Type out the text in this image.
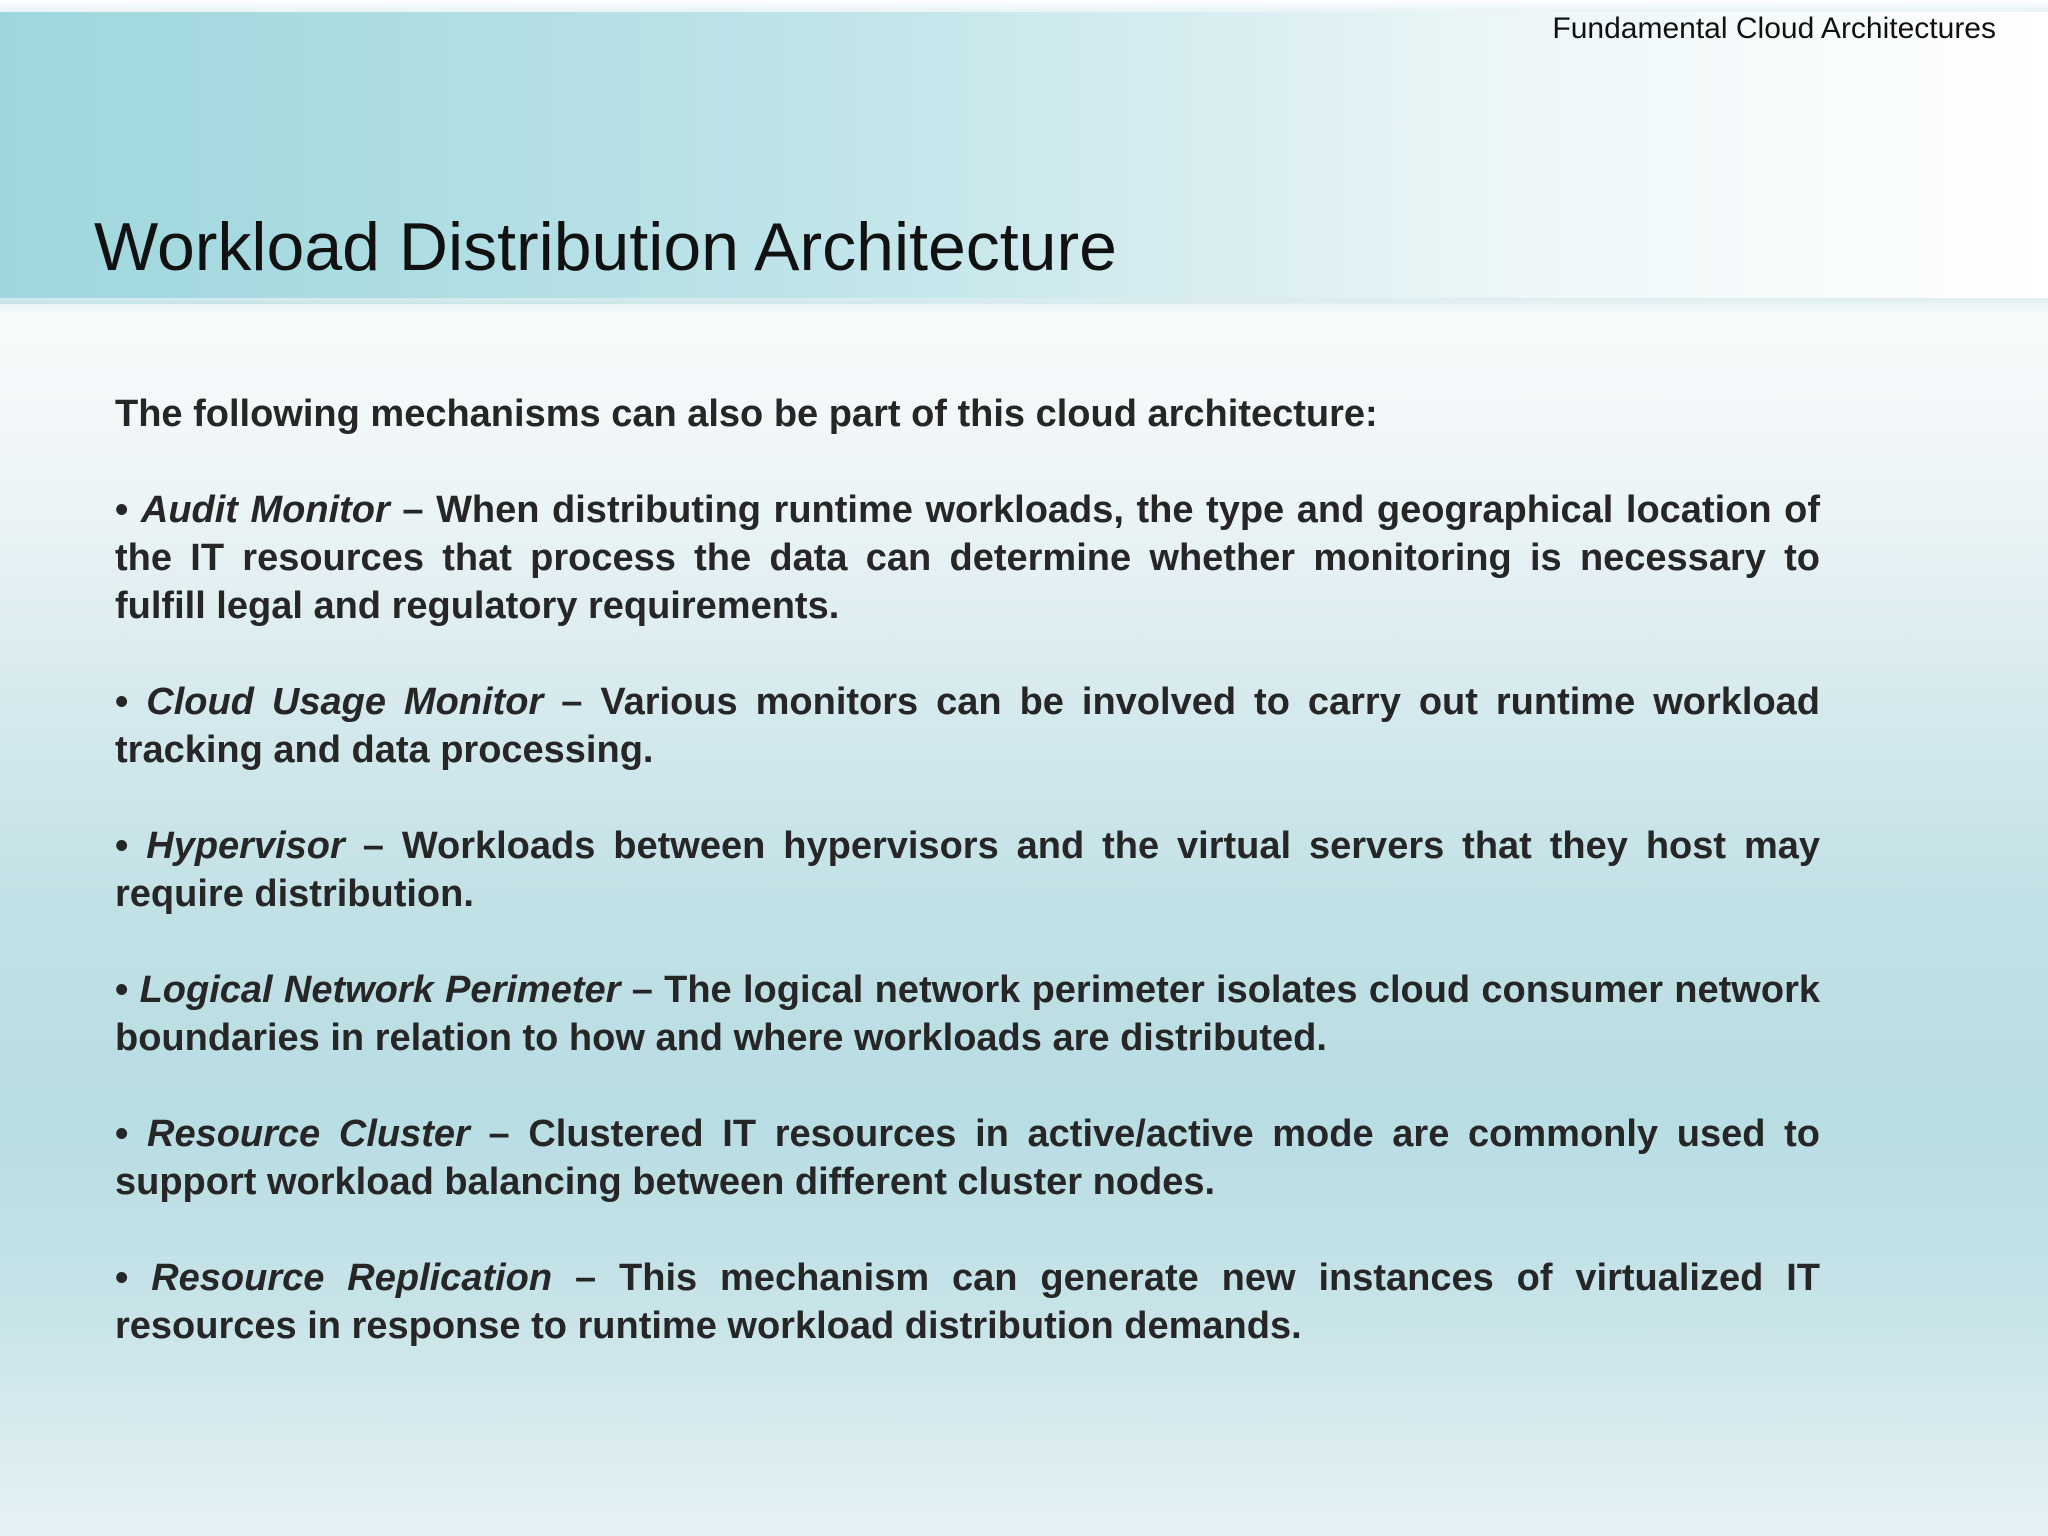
Fundamental Cloud Architectures
Workload Distribution Architecture

The following mechanisms can also be part of this cloud architecture:

• Audit Monitor – When distributing runtime workloads, the type and geographical location of the IT resources that process the data can determine whether monitoring is necessary to fulfill legal and regulatory requirements.

• Cloud Usage Monitor – Various monitors can be involved to carry out runtime workload tracking and data processing.

• Hypervisor – Workloads between hypervisors and the virtual servers that they host may require distribution.

• Logical Network Perimeter – The logical network perimeter isolates cloud consumer network boundaries in relation to how and where workloads are distributed.

• Resource Cluster – Clustered IT resources in active/active mode are commonly used to support workload balancing between different cluster nodes.

• Resource Replication – This mechanism can generate new instances of virtualized IT resources in response to runtime workload distribution demands.
